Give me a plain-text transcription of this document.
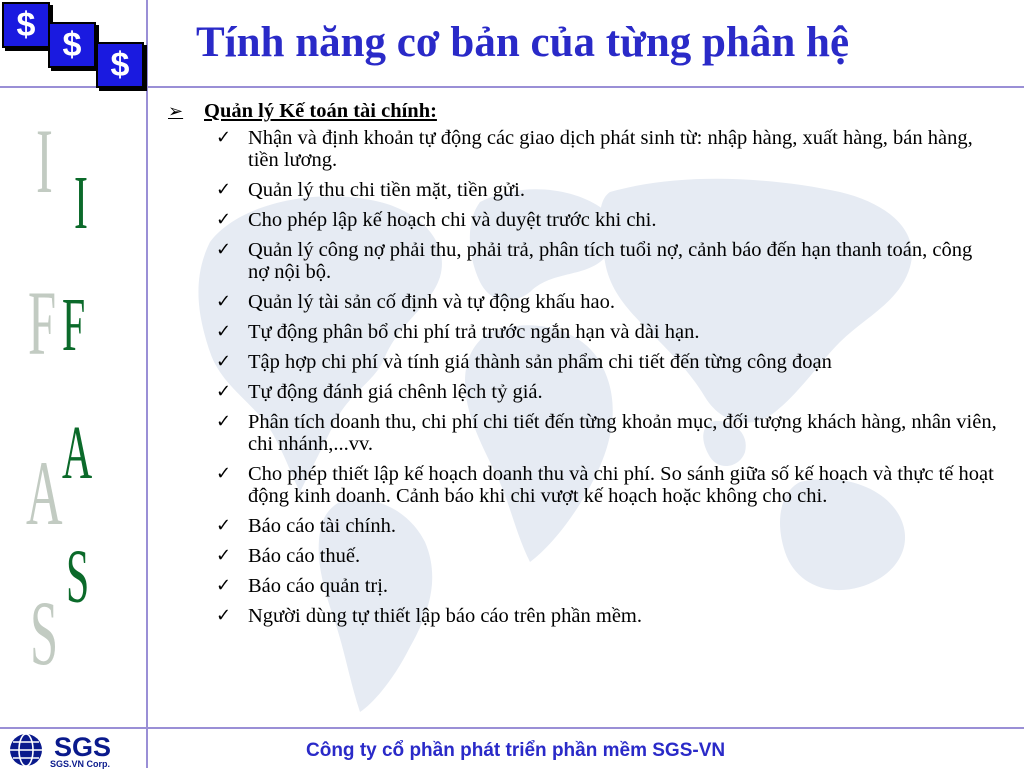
$
$
$	Tính năng cơ bản của từng phân hệ
I I
F F
A A
S
S
➢	Quản lý Kế toán tài chính:
✓ Nhận và định khoản tự động các giao dịch phát sinh từ: nhập hàng, xuất hàng, bán hàng, tiền lương.
✓ Quản lý thu chi tiền mặt, tiền gửi.
✓ Cho phép lập kế hoạch chi và duyệt trước khi chi.
✓ Quản lý công nợ phải thu, phải trả, phân tích tuổi nợ, cảnh báo đến hạn thanh toán, công nợ nội bộ.
✓ Quản lý tài sản cố định và tự động khấu hao.
✓ Tự động phân bổ chi phí trả trước ngắn hạn và dài hạn.
✓ Tập hợp chi phí và tính giá thành sản phẩm chi tiết đến từng công đoạn
✓ Tự động đánh giá chênh lệch tỷ giá.
✓ Phân tích doanh thu, chi phí chi tiết đến từng khoản mục, đối tượng khách hàng, nhân viên, chi nhánh,...vv.
✓ Cho phép thiết lập kế hoạch doanh thu và chi phí. So sánh giữa số kế hoạch và thực tế hoạt động kinh doanh. Cảnh báo khi chi vượt kế hoạch hoặc không cho chi.
✓ Báo cáo tài chính.
✓ Báo cáo thuế.
✓ Báo cáo quản trị.
✓ Người dùng tự thiết lập báo cáo trên phần mềm.
SGS
SGS.VN Corp.
Công ty cổ phần phát triển phần mềm SGS-VN
